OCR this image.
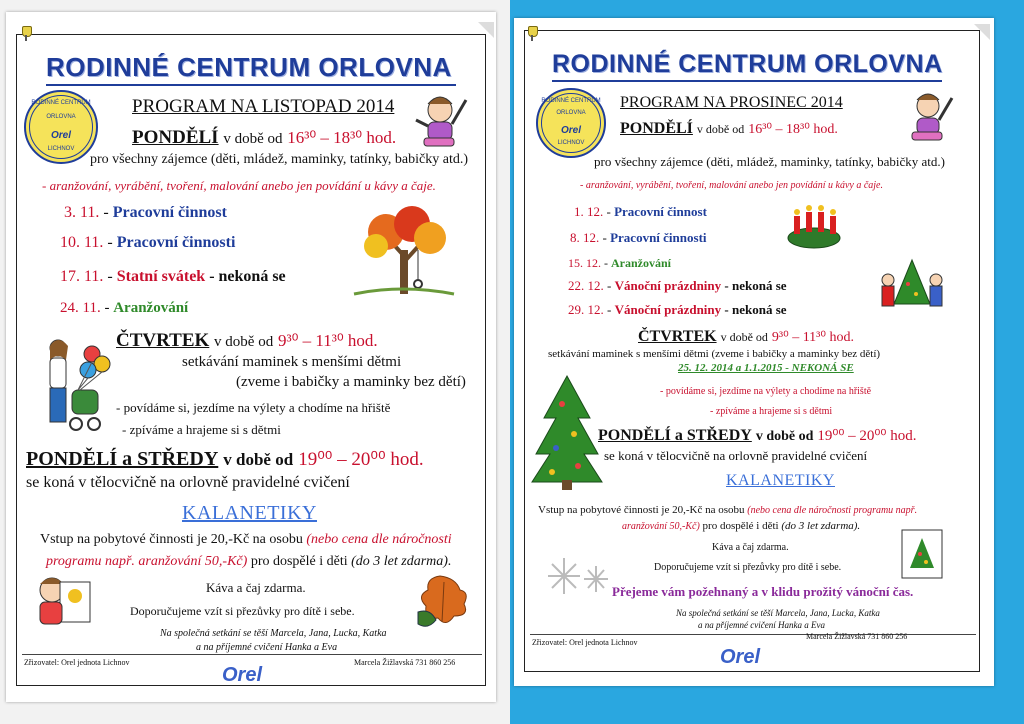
RODINNÉ CENTRUM ORLOVNA
RODINNÉ CENTRUM
ORLOVNA
Orel
LICHNOV
PROGRAM NA LISTOPAD 2014
PONDĚLÍ v době od 16³⁰ – 18³⁰ hod.
pro všechny zájemce (děti, mládež, maminky, tatínky, babičky atd.)
- aranžování, vyrábění, tvoření, malování anebo jen povídání u kávy a čaje.
3. 11. - Pracovní činnost
10. 11. - Pracovní činnosti
17. 11. - Statní svátek - nekoná se
24. 11. - Aranžování
ČTVRTEK v době od 9³⁰ – 11³⁰ hod.
setkávání maminek s menšími dětmi
(zveme i babičky a maminky bez dětí)
- povídáme si, jezdíme na výlety a chodíme na hřiště
- zpíváme a hrajeme si s dětmi
PONDĚLÍ a STŘEDY v době od 19⁰⁰ – 20⁰⁰ hod.
se koná v tělocvičně na orlovně pravidelné cvičení
KALANETIKY
Vstup na pobytové činnosti je 20,-Kč na osobu (nebo cena dle náročnosti
programu např. aranžování 50,-Kč) pro dospělé i děti (do 3 let zdarma).
Káva a čaj zdarma.
Doporučujeme vzít si přezůvky pro dítě i sebe.
Na společná setkání se těší Marcela, Jana, Lucka, Katka
a na příjemné cvičení Hanka a Eva
Zřizovatel: Orel jednota Lichnov	Marcela Žižlavská 731 860 256
Orel
RODINNÉ CENTRUM ORLOVNA
RODINNÉ CENTRUM
ORLOVNA
Orel
LICHNOV
PROGRAM NA PROSINEC 2014
PONDĚLÍ v době od 16³⁰ – 18³⁰ hod.
pro všechny zájemce (děti, mládež, maminky, tatínky, babičky atd.)
- aranžování, vyrábění, tvoření, malování anebo jen povídání u kávy a čaje.
1. 12. - Pracovní činnost
8. 12. - Pracovní činnosti
15. 12. - Aranžování
22. 12. - Vánoční prázdniny - nekoná se
29. 12. - Vánoční prázdniny - nekoná se
ČTVRTEK v době od 9³⁰ – 11³⁰ hod.
setkávání maminek s menšími dětmi (zveme i babičky a maminky bez dětí)
25. 12. 2014 a 1.1.2015 - NEKONÁ SE
- povídáme si, jezdíme na výlety a chodíme na hřiště
- zpíváme a hrajeme si s dětmi
PONDĚLÍ a STŘEDY v době od 19⁰⁰ – 20⁰⁰ hod.
se koná v tělocvičně na orlovně pravidelné cvičení
KALANETIKY
Vstup na pobytové činnosti je 20,-Kč na osobu (nebo cena dle náročnosti programu např.
aranžování 50,-Kč) pro dospělé i děti (do 3 let zdarma).
Káva a čaj zdarma.
Doporučujeme vzít si přezůvky pro dítě i sebe.
Přejeme vám požehnaný a v klidu prožitý vánoční čas.
Na společná setkání se těší Marcela, Jana, Lucka, Katka
a na příjemné cvičení Hanka a Eva
Zřizovatel: Orel jednota Lichnov
Marcela Žižlavská 731 860 256
Orel
